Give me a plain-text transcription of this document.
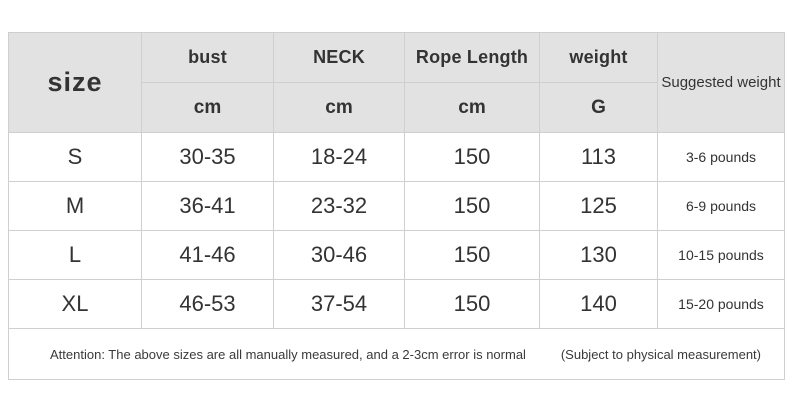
size	bust	NECK	Rope Length	weight	Suggested weight
	cm	cm	cm	G	
S	30-35	18-24	150	113	3-6 pounds
M	36-41	23-32	150	125	6-9 pounds
L	41-46	30-46	150	130	10-15 pounds
XL	46-53	37-54	150	140	15-20 pounds

Attention: The above sizes are all manually measured, and a 2-3cm error is normal (Subject to physical measurement)					
